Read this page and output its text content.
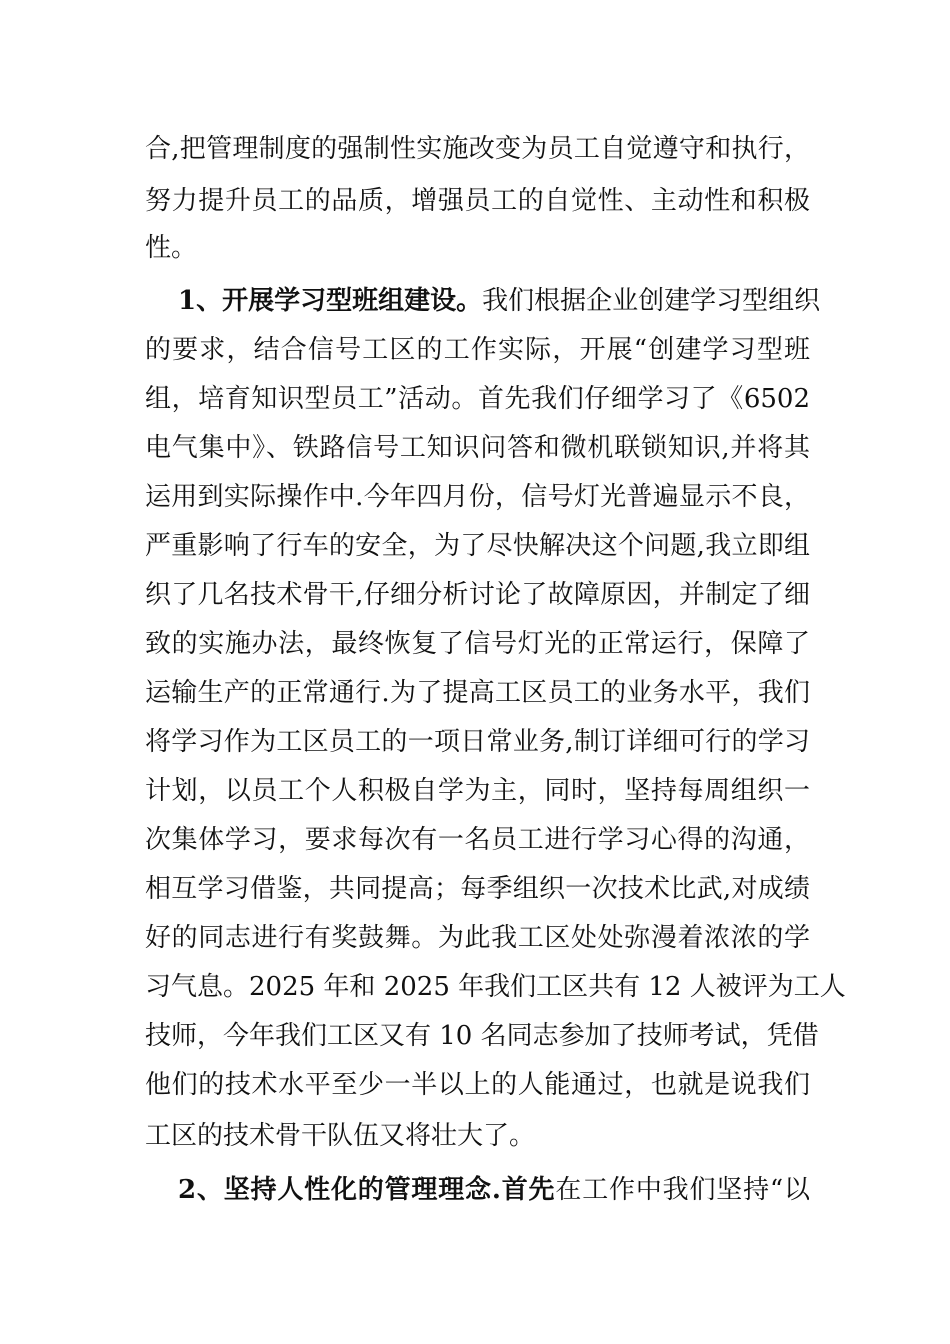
合,把管理制度的强制性实施改变为员工自觉遵守和执行，
努力提升员工的品质，增强员工的自觉性、主动性和积极
性。
1、开展学习型班组建设。我们根据企业创建学习型组织
的要求，结合信号工区的工作实际，开展“创建学习型班
组，培育知识型员工”活动。首先我们仔细学习了《6502
电气集中》、铁路信号工知识问答和微机联锁知识,并将其
运用到实际操作中.今年四月份，信号灯光普遍显示不良，
严重影响了行车的安全，为了尽快解决这个问题,我立即组
织了几名技术骨干,仔细分析讨论了故障原因，并制定了细
致的实施办法，最终恢复了信号灯光的正常运行，保障了
运输生产的正常通行.为了提高工区员工的业务水平，我们
将学习作为工区员工的一项日常业务,制订详细可行的学习
计划，以员工个人积极自学为主，同时，坚持每周组织一
次集体学习，要求每次有一名员工进行学习心得的沟通，
相互学习借鉴，共同提高；每季组织一次技术比武,对成绩
好的同志进行有奖鼓舞。为此我工区处处弥漫着浓浓的学
习气息。2025 年和 2025 年我们工区共有 12 人被评为工人
技师，今年我们工区又有 10 名同志参加了技师考试，凭借
他们的技术水平至少一半以上的人能通过，也就是说我们
工区的技术骨干队伍又将壮大了。
2、坚持人性化的管理理念.首先在工作中我们坚持“以
